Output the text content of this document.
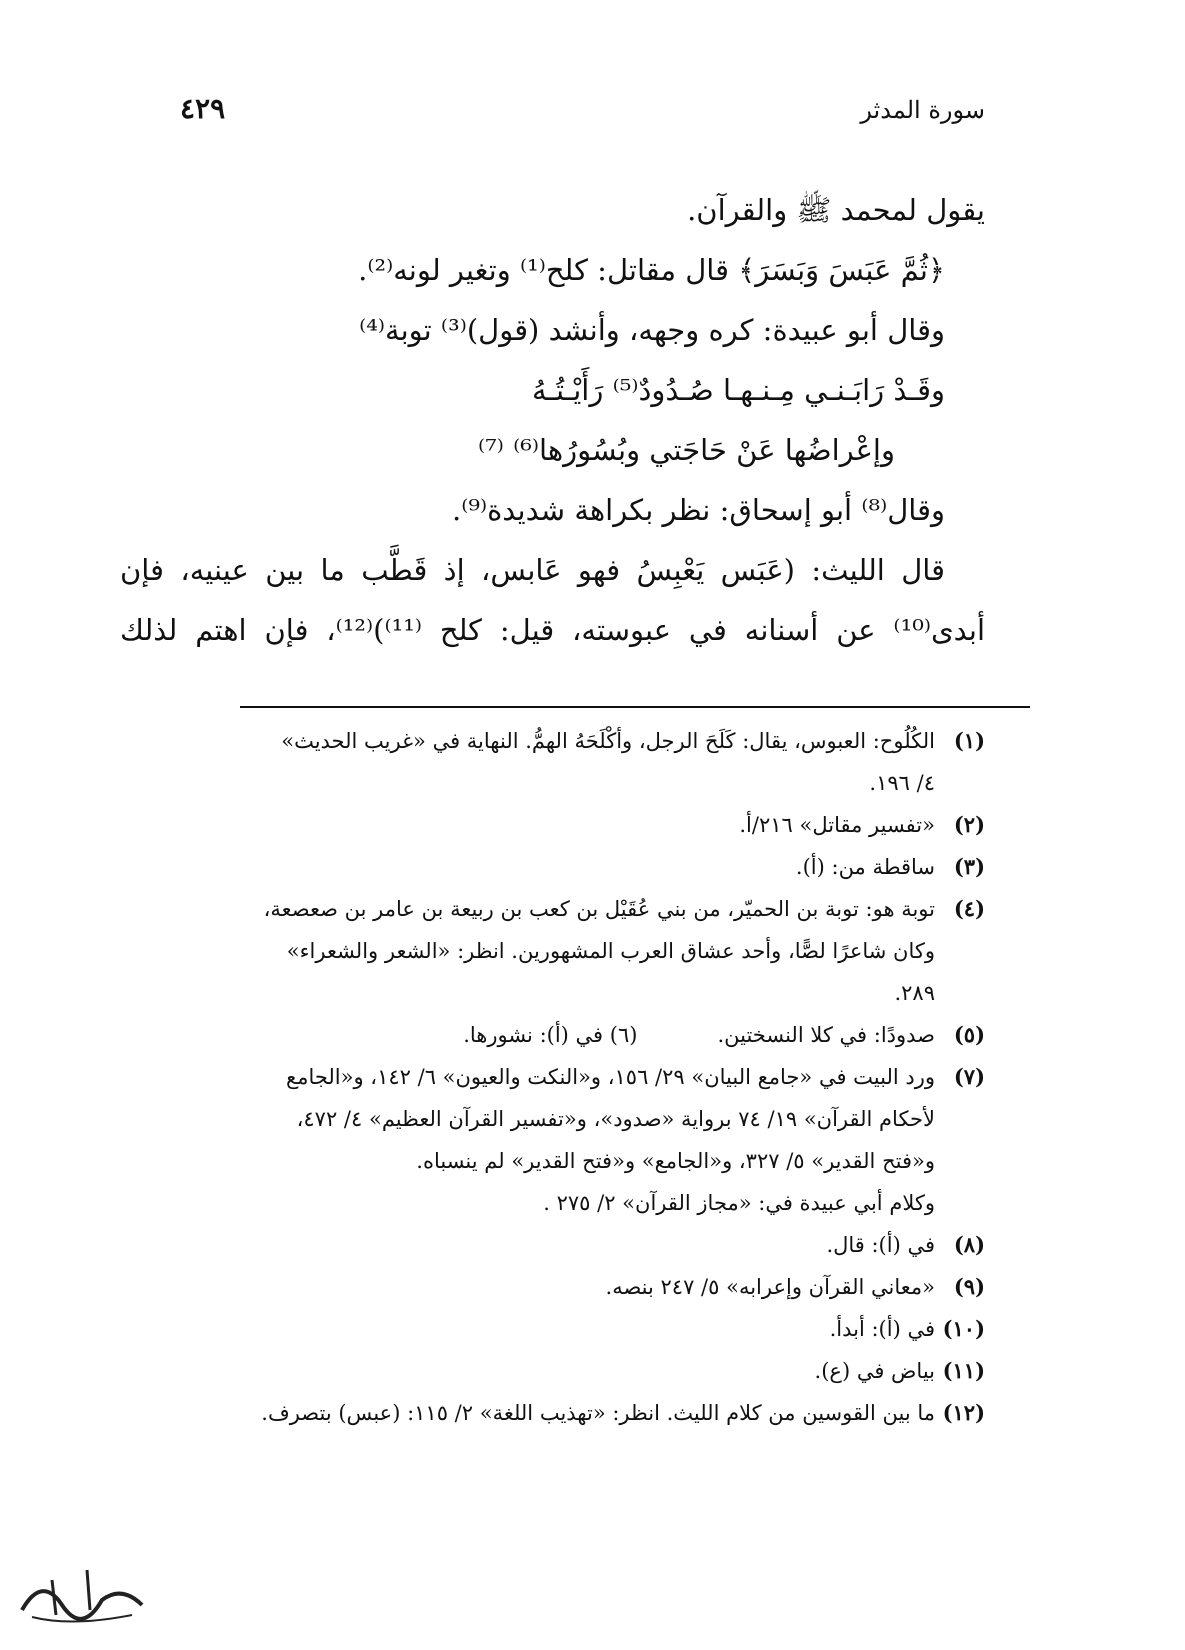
سورة المدثر
٤٢٩
يقول لمحمد ﷺ والقرآن.
﴿ثُمَّ عَبَسَ وَبَسَرَ﴾ قال مقاتل: كلح⁽¹⁾ وتغير لونه⁽²⁾.
وقال أبو عبيدة: كره وجهه، وأنشد (قول)⁽³⁾ توبة⁽⁴⁾
وقَـدْ رَابَـنـي مِـنـهـا صُـدُودٌ⁽⁵⁾ رَأَيْـتُـهُ
وإعْراضُها عَنْ حَاجَتي وبُسُورُها⁽⁶⁾ ⁽⁷⁾
وقال⁽⁸⁾ أبو إسحاق: نظر بكراهة شديدة⁽⁹⁾.
قال الليث: (عَبَس يَعْبِسُ فهو عَابس، إذ قَطَّب ما بين عينيه، فإن
أبدى⁽¹⁰⁾ عن أسنانه في عبوسته، قيل: كلح ⁽¹¹⁾)⁽¹²⁾، فإن اهتم لذلك
(١)
الكُلُوح: العبوس، يقال: كَلَحَ الرجل، وأكْلَحَهُ الهمُّ. النهاية في «غريب الحديث»
٤/ ١٩٦.
(٢)
«تفسير مقاتل» ٢١٦/أ.
(٣)
ساقطة من: (أ).
(٤)
توبة هو: توبة بن الحميّر، من بني عُقَيْل بن كعب بن ربيعة بن عامر بن صعصعة،
وكان شاعرًا لصًّا، وأحد عشاق العرب المشهورين. انظر: «الشعر والشعراء»
٢٨٩.
(٥)
صدودًا: في كلا النسختين.(٦) في (أ): نشورها.
(٧)
ورد البيت في «جامع البيان» ٢٩/ ١٥٦، و«النكت والعيون» ٦/ ١٤٢، و«الجامع
لأحكام القرآن» ١٩/ ٧٤ برواية «صدود»، و«تفسير القرآن العظيم» ٤/ ٤٧٢،
و«فتح القدير» ٥/ ٣٢٧، و«الجامع» و«فتح القدير» لم ينسباه.
وكلام أبي عبيدة في: «مجاز القرآن» ٢/ ٢٧٥ .
(٨)
في (أ): قال.
(٩)
«معاني القرآن وإعرابه» ٥/ ٢٤٧ بنصه.
(١٠)
في (أ): أبدأ.
(١١)
بياض في (ع).
(١٢)
ما بين القوسين من كلام الليث. انظر: «تهذيب اللغة» ٢/ ١١٥: (عبس) بتصرف.
